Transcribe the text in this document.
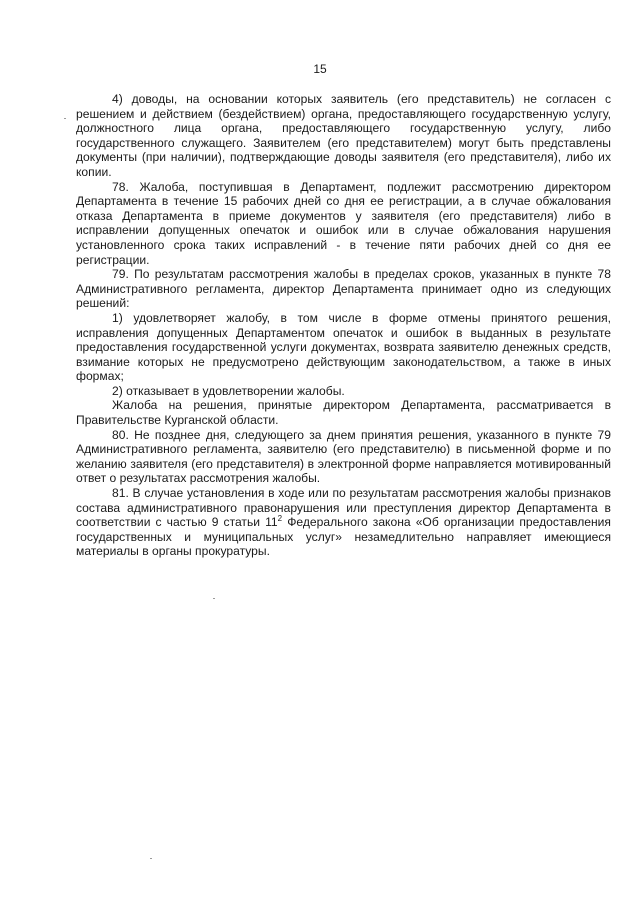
15

4) доводы, на основании которых заявитель (его представитель) не согласен с решением и действием (бездействием) органа, предоставляющего государственную услугу, должностного лица органа, предоставляющего государственную услугу, либо государственного служащего. Заявителем (его представителем) могут быть представлены документы (при наличии), подтверждающие доводы заявителя (его представителя), либо их копии.

78. Жалоба, поступившая в Департамент, подлежит рассмотрению директором Департамента в течение 15 рабочих дней со дня ее регистрации, а в случае обжалования отказа Департамента в приеме документов у заявителя (его представителя) либо в исправлении допущенных опечаток и ошибок или в случае обжалования нарушения установленного срока таких исправлений - в течение пяти рабочих дней со дня ее регистрации.

79. По результатам рассмотрения жалобы в пределах сроков, указанных в пункте 78 Административного регламента, директор Департамента принимает одно из следующих решений:

1) удовлетворяет жалобу, в том числе в форме отмены принятого решения, исправления допущенных Департаментом опечаток и ошибок в выданных в результате предоставления государственной услуги документах, возврата заявителю денежных средств, взимание которых не предусмотрено действующим законодательством, а также в иных формах;

2) отказывает в удовлетворении жалобы.

Жалоба на решения, принятые директором Департамента, рассматривается в Правительстве Курганской области.

80. Не позднее дня, следующего за днем принятия решения, указанного в пункте 79 Административного регламента, заявителю (его представителю) в письменной форме и по желанию заявителя (его представителя) в электронной форме направляется мотивированный ответ о результатах рассмотрения жалобы.

81. В случае установления в ходе или по результатам рассмотрения жалобы признаков состава административного правонарушения или преступления директор Департамента в соответствии с частью 9 статьи $11^2$ Федерального закона «Об организации предоставления государственных и муниципальных услуг» незамедлительно направляет имеющиеся материалы в органы прокуратуры.
